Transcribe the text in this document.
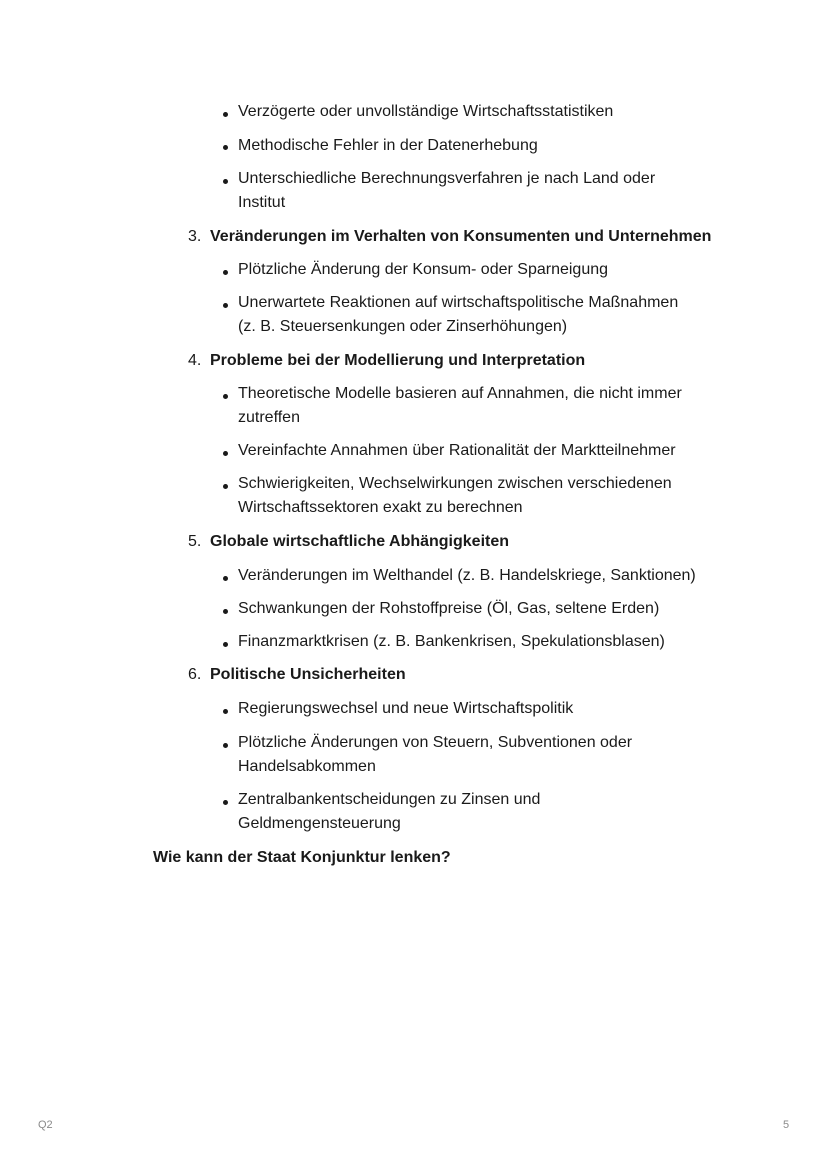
Verzögerte oder unvollständige Wirtschaftsstatistiken
Methodische Fehler in der Datenerhebung
Unterschiedliche Berechnungsverfahren je nach Land oder
Institut
3. Veränderungen im Verhalten von Konsumenten und Unternehmen
Plötzliche Änderung der Konsum- oder Sparneigung
Unerwartete Reaktionen auf wirtschaftspolitische Maßnahmen
(z. B. Steuersenkungen oder Zinserhöhungen)
4. Probleme bei der Modellierung und Interpretation
Theoretische Modelle basieren auf Annahmen, die nicht immer
zutreffen
Vereinfachte Annahmen über Rationalität der Marktteilnehmer
Schwierigkeiten, Wechselwirkungen zwischen verschiedenen
Wirtschaftssektoren exakt zu berechnen
5. Globale wirtschaftliche Abhängigkeiten
Veränderungen im Welthandel (z. B. Handelskriege, Sanktionen)
Schwankungen der Rohstoffpreise (Öl, Gas, seltene Erden)
Finanzmarktkrisen (z. B. Bankenkrisen, Spekulationsblasen)
6. Politische Unsicherheiten
Regierungswechsel und neue Wirtschaftspolitik
Plötzliche Änderungen von Steuern, Subventionen oder
Handelsabkommen
Zentralbankentscheidungen zu Zinsen und
Geldmengensteuerung
Wie kann der Staat Konjunktur lenken?
Q2	5
